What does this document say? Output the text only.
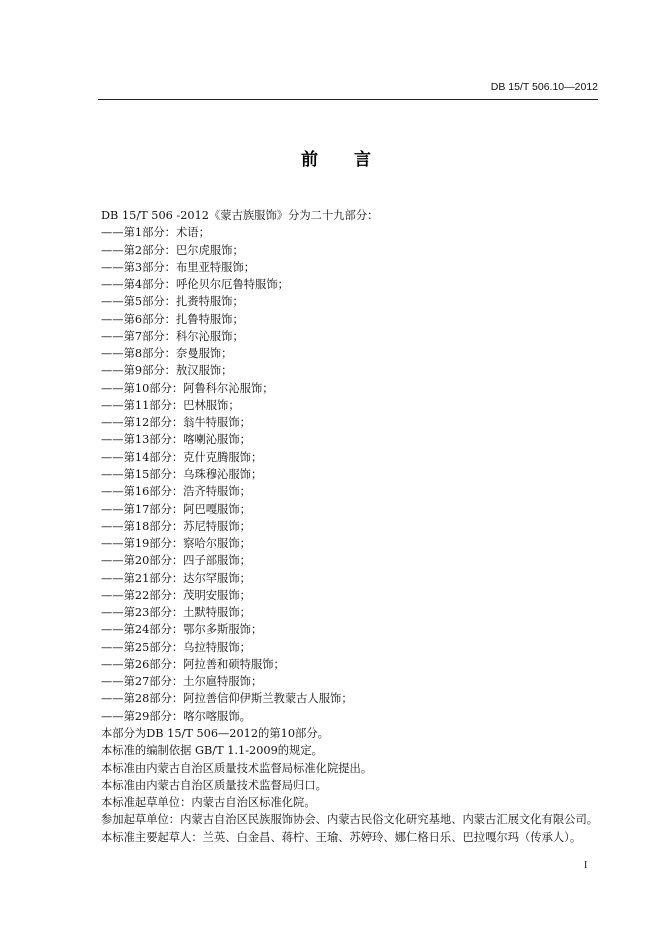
DB 15/T 506.10—2012
前 言
DB 15/T 506 -2012《蒙古族服饰》分为二十九部分：
——第1部分：术语；
——第2部分：巴尔虎服饰；
——第3部分：布里亚特服饰；
——第4部分：呼伦贝尔厄鲁特服饰；
——第5部分：扎赉特服饰；
——第6部分：扎鲁特服饰；
——第7部分：科尔沁服饰；
——第8部分：奈曼服饰；
——第9部分：敖汉服饰；
——第10部分：阿鲁科尔沁服饰；
——第11部分：巴林服饰；
——第12部分：翁牛特服饰；
——第13部分：喀喇沁服饰；
——第14部分：克什克腾服饰；
——第15部分：乌珠穆沁服饰；
——第16部分：浩齐特服饰；
——第17部分：阿巴嘎服饰；
——第18部分：苏尼特服饰；
——第19部分：察哈尔服饰；
——第20部分：四子部服饰；
——第21部分：达尔罕服饰；
——第22部分：茂明安服饰；
——第23部分：土默特服饰；
——第24部分：鄂尔多斯服饰；
——第25部分：乌拉特服饰；
——第26部分：阿拉善和硕特服饰；
——第27部分：土尔扈特服饰；
——第28部分：阿拉善信仰伊斯兰教蒙古人服饰；
——第29部分：喀尔喀服饰。
本部分为DB 15/T 506—2012的第10部分。
本标准的编制依据 GB/T 1.1-2009的规定。
本标准由内蒙古自治区质量技术监督局标准化院提出。
本标准由内蒙古自治区质量技术监督局归口。
本标准起草单位：内蒙古自治区标准化院。
参加起草单位：内蒙古自治区民族服饰协会、内蒙古民俗文化研究基地、内蒙古汇展文化有限公司。
本标准主要起草人：兰英、白金昌、蒋柠、王瑜、苏婷玲、娜仁格日乐、巴拉嘎尔玛（传承人）。
I
